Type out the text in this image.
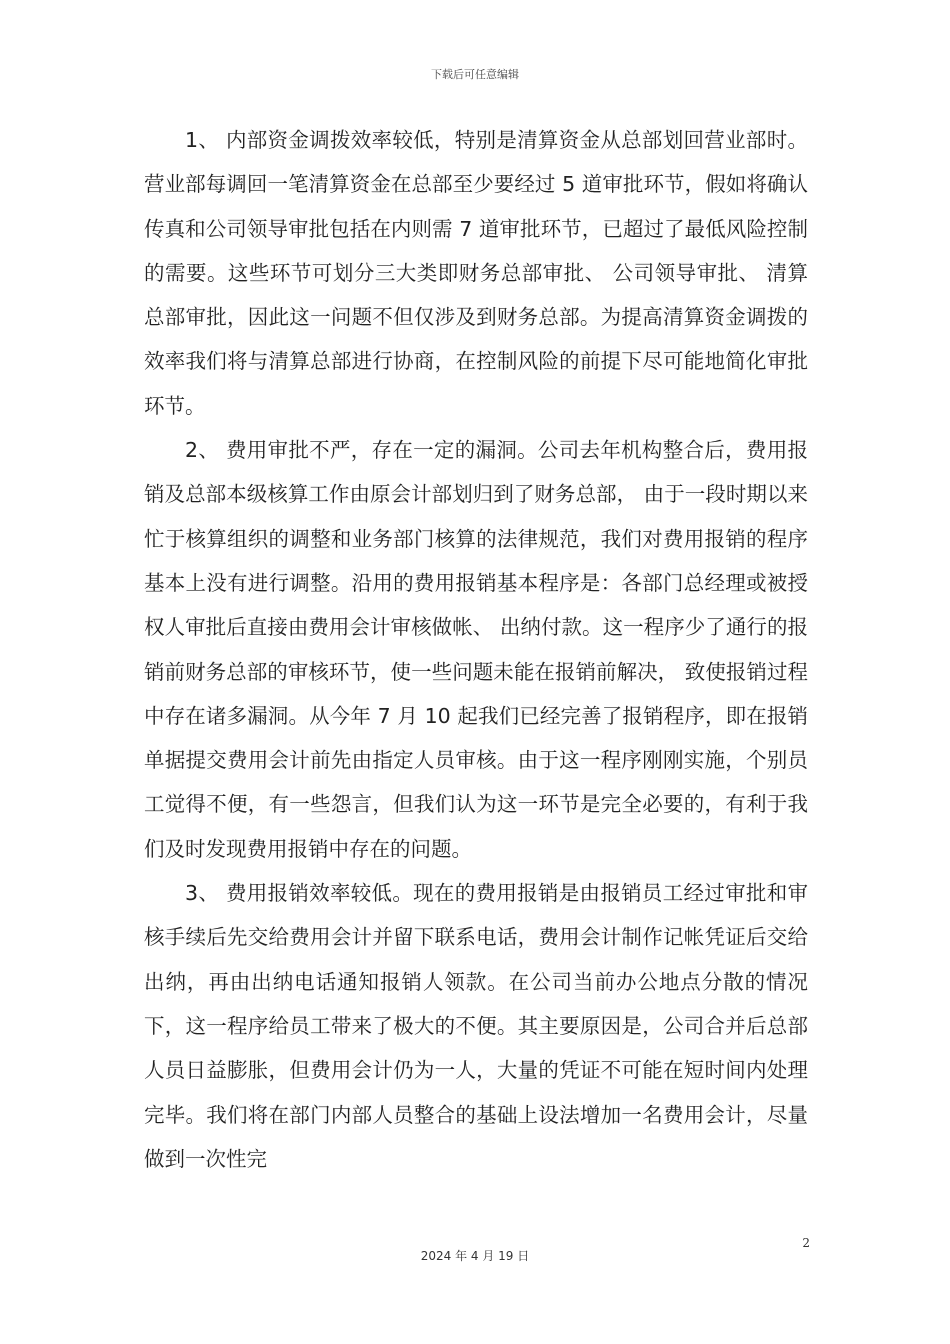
下载后可任意编辑

1、 内部资金调拨效率较低，特别是清算资金从总部划回营业部时。营业部每调回一笔清算资金在总部至少要经过 5 道审批环节，假如将确认传真和公司领导审批包括在内则需 7 道审批环节，已超过了最低风险控制的需要。这些环节可划分三大类即财务总部审批、 公司领导审批、 清算总部审批，因此这一问题不但仅涉及到财务总部。为提高清算资金调拨的效率我们将与清算总部进行协商，在控制风险的前提下尽可能地简化审批环节。

2、 费用审批不严，存在一定的漏洞。公司去年机构整合后，费用报销及总部本级核算工作由原会计部划归到了财务总部， 由于一段时期以来忙于核算组织的调整和业务部门核算的法律规范，我们对费用报销的程序基本上没有进行调整。沿用的费用报销基本程序是：各部门总经理或被授权人审批后直接由费用会计审核做帐、 出纳付款。这一程序少了通行的报销前财务总部的审核环节，使一些问题未能在报销前解决， 致使报销过程中存在诸多漏洞。从今年 7 月 10 起我们已经完善了报销程序，即在报销单据提交费用会计前先由指定人员审核。由于这一程序刚刚实施，个别员工觉得不便，有一些怨言，但我们认为这一环节是完全必要的，有利于我们及时发现费用报销中存在的问题。

3、 费用报销效率较低。现在的费用报销是由报销员工经过审批和审核手续后先交给费用会计并留下联系电话，费用会计制作记帐凭证后交给出纳，再由出纳电话通知报销人领款。在公司当前办公地点分散的情况下，这一程序给员工带来了极大的不便。其主要原因是，公司合并后总部人员日益膨胀，但费用会计仍为一人，大量的凭证不可能在短时间内处理完毕。我们将在部门内部人员整合的基础上设法增加一名费用会计，尽量做到一次性完

2
2024 年 4 月 19 日
